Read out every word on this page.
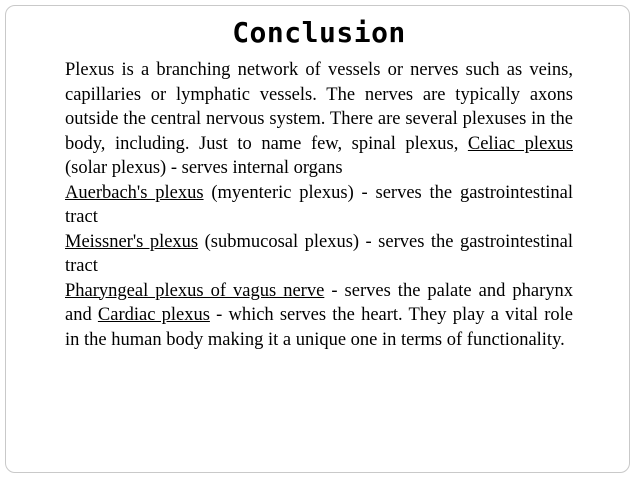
Conclusion

Plexus is a branching network of vessels or nerves such as veins, capillaries or lymphatic vessels. The nerves are typically axons outside the central nervous system. There are several plexuses in the body, including. Just to name few, spinal plexus, Celiac plexus (solar plexus) - serves internal organs

Auerbach's plexus (myenteric plexus) - serves the gastrointestinal tract

Meissner's plexus (submucosal plexus) - serves the gastrointestinal tract

Pharyngeal plexus of vagus nerve - serves the palate and pharynx and Cardiac plexus - which serves the heart. They play a vital role in the human body making it a unique one in terms of functionality.
